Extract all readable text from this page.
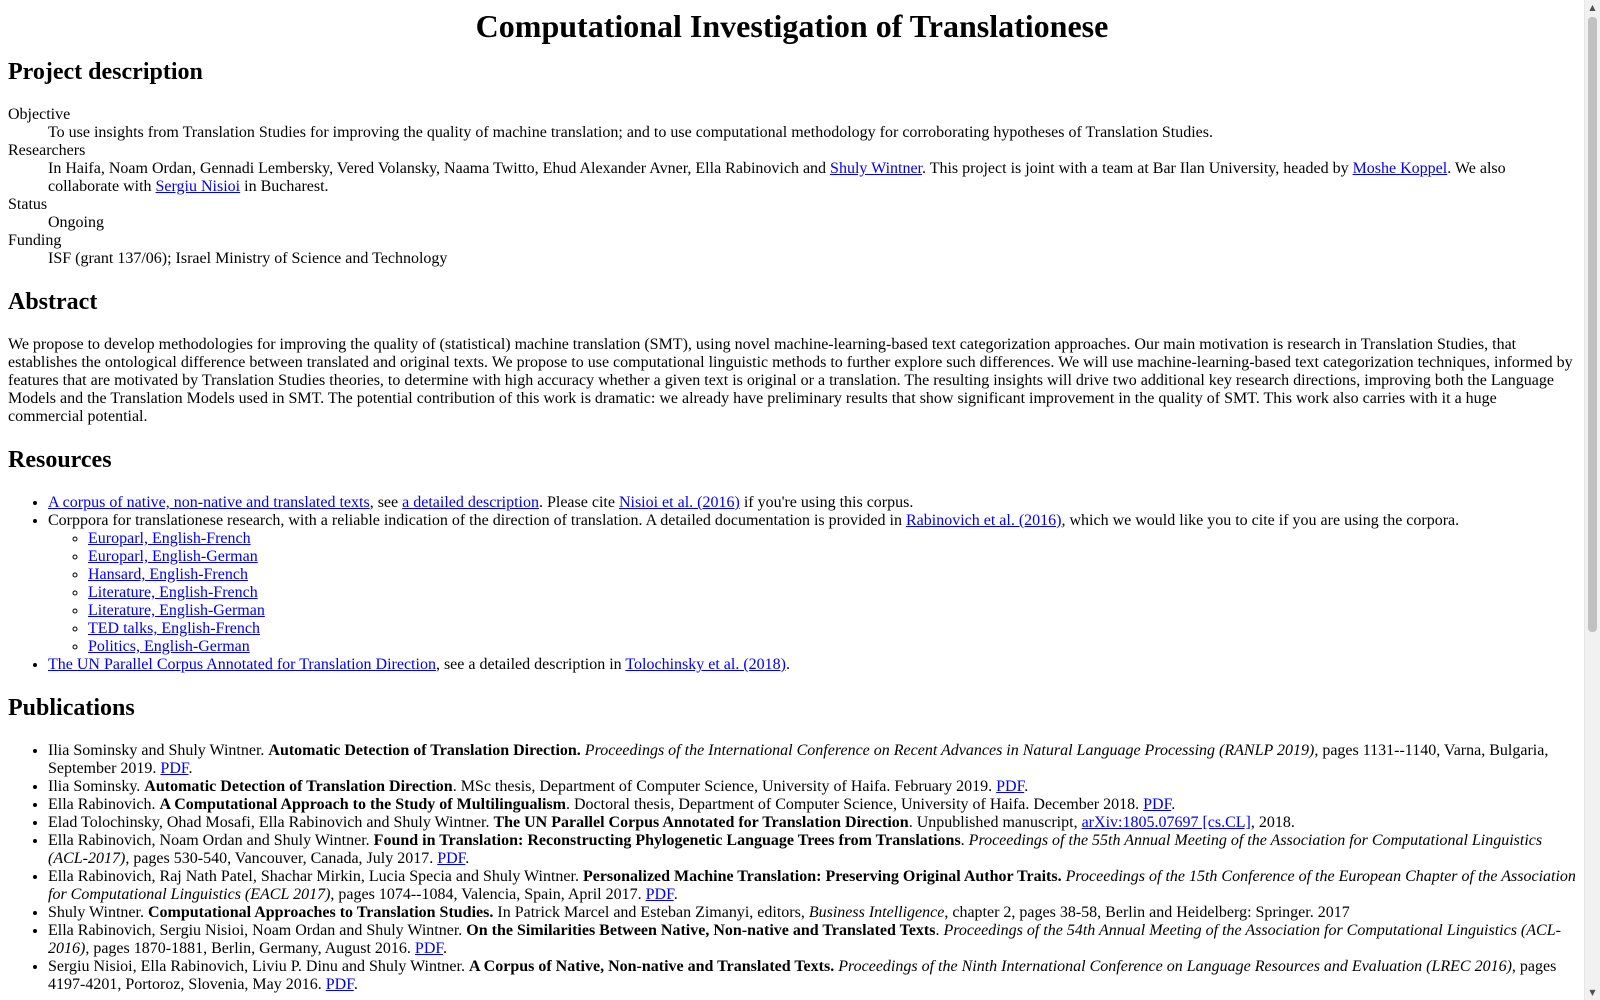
Computational Investigation of Translationese
Project description
Objective
To use insights from Translation Studies for improving the quality of machine translation; and to use computational methodology for corroborating hypotheses of Translation Studies.
Researchers
In Haifa, Noam Ordan, Gennadi Lembersky, Vered Volansky, Naama Twitto, Ehud Alexander Avner, Ella Rabinovich and Shuly Wintner. This project is joint with a team at Bar Ilan University, headed by Moshe Koppel. We also collaborate with Sergiu Nisioi in Bucharest.
Status
Ongoing
Funding
ISF (grant 137/06); Israel Ministry of Science and Technology
Abstract

We propose to develop methodologies for improving the quality of (statistical) machine translation (SMT), using novel machine-learning-based text categorization approaches. Our main motivation is research in Translation Studies, that establishes the ontological difference between translated and original texts. We propose to use computational linguistic methods to further explore such differences. We will use machine-learning-based text categorization techniques, informed by features that are motivated by Translation Studies theories, to determine with high accuracy whether a given text is original or a translation. The resulting insights will drive two additional key research directions, improving both the Language Models and the Translation Models used in SMT. The potential contribution of this work is dramatic: we already have preliminary results that show significant improvement in the quality of SMT. This work also carries with it a huge commercial potential.

Resources
• A corpus of native, non-native and translated texts, see a detailed description. Please cite Nisioi et al. (2016) if you're using this corpus.
• Corppora for translationese research, with a reliable indication of the direction of translation. A detailed documentation is provided in Rabinovich et al. (2016), which we would like you to cite if you are using the corpora.
◦ Europarl, English-French
◦ Europarl, English-German
◦ Hansard, English-French
◦ Literature, English-French
◦ Literature, English-German
◦ TED talks, English-French
◦ Politics, English-German
• The UN Parallel Corpus Annotated for Translation Direction, see a detailed description in Tolochinsky et al. (2018).
Publications
• Ilia Sominsky and Shuly Wintner. Automatic Detection of Translation Direction. Proceedings of the International Conference on Recent Advances in Natural Language Processing (RANLP 2019), pages 1131--1140, Varna, Bulgaria, September 2019. PDF.
• Ilia Sominsky. Automatic Detection of Translation Direction. MSc thesis, Department of Computer Science, University of Haifa. February 2019. PDF.
• Ella Rabinovich. A Computational Approach to the Study of Multilingualism. Doctoral thesis, Department of Computer Science, University of Haifa. December 2018. PDF.
• Elad Tolochinsky, Ohad Mosafi, Ella Rabinovich and Shuly Wintner. The UN Parallel Corpus Annotated for Translation Direction. Unpublished manuscript, arXiv:1805.07697 [cs.CL], 2018.
• Ella Rabinovich, Noam Ordan and Shuly Wintner. Found in Translation: Reconstructing Phylogenetic Language Trees from Translations. Proceedings of the 55th Annual Meeting of the Association for Computational Linguistics (ACL-2017), pages 530-540, Vancouver, Canada, July 2017. PDF.
• Ella Rabinovich, Raj Nath Patel, Shachar Mirkin, Lucia Specia and Shuly Wintner. Personalized Machine Translation: Preserving Original Author Traits. Proceedings of the 15th Conference of the European Chapter of the Association for Computational Linguistics (EACL 2017), pages 1074--1084, Valencia, Spain, April 2017. PDF.
• Shuly Wintner. Computational Approaches to Translation Studies. In Patrick Marcel and Esteban Zimanyi, editors, Business Intelligence, chapter 2, pages 38-58, Berlin and Heidelberg: Springer. 2017
• Ella Rabinovich, Sergiu Nisioi, Noam Ordan and Shuly Wintner. On the Similarities Between Native, Non-native and Translated Texts. Proceedings of the 54th Annual Meeting of the Association for Computational Linguistics (ACL-2016), pages 1870-1881, Berlin, Germany, August 2016. PDF.
• Sergiu Nisioi, Ella Rabinovich, Liviu P. Dinu and Shuly Wintner. A Corpus of Native, Non-native and Translated Texts. Proceedings of the Ninth International Conference on Language Resources and Evaluation (LREC 2016), pages 4197-4201, Portoroz, Slovenia, May 2016. PDF.
▲
▼
